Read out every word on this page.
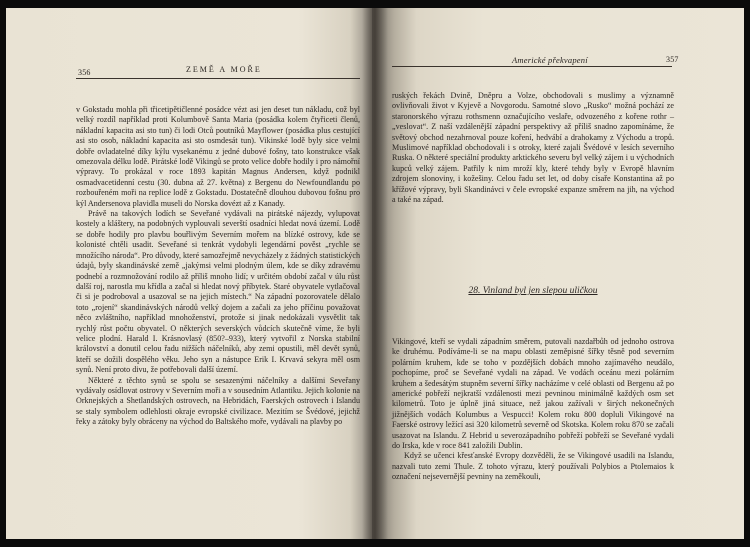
356	ZEMĚ A MOŘE

v Gokstadu mohla při třicetipětičlenné posádce vézt asi jen deset tun nákladu, což byl velký rozdíl například proti Kolumbově Santa Maria (posádka kolem čtyřiceti členů, nákladní kapacita asi sto tun) či lodi Otců poutníků Mayflower (posádka plus cestující asi sto osob, nákladní kapacita asi sto osmdesát tun). Vikinské lodě byly sice velmi dobře ovladatelné díky kýlu vysekanému z jedné dubové fošny, tato konstrukce však omezovala délku lodě. Pirátské lodě Vikingů se proto velice dobře hodily i pro námořní výpravy. To prokázal v roce 1893 kapitán Magnus Andersen, když podnikl osmadvacetidenní cestu (30. dubna až 27. května) z Bergenu do Newfoundlandu po rozbouřeném moři na replice lodě z Gokstadu. Dostatečně dlouhou dubovou fošnu pro kýl Andersenova plavidla museli do Norska dovézt až z Kanady.

Právě na takových lodích se Seveřané vydávali na pirátské nájezdy, vylupovat kostely a kláštery, na podobných vyplouvali severští osadníci hledat nová území. Lodě se dobře hodily pro plavbu bouřlivým Severním mořem na blízké ostrovy, kde se kolonisté chtěli usadit. Seveřané si tenkrát vydobyli legendární pověst „rychle se množícího národa“. Pro důvody, které samozřejmě nevycházely z žádných statistických údajů, byly skandinávské země „jakýmsi velmi plodným úlem, kde se díky zdravému podnebí a rozmnožování rodilo až příliš mnoho lidí; v určitém období začal v úlu růst další roj, narostla mu křídla a začal si hledat nový příbytek. Staré obyvatele vytlačoval či si je podroboval a usazoval se na jejich místech.“ Na západní pozorovatele dělalo toto „rojení“ skandinávských národů velký dojem a začali za jeho příčinu považovat něco zvláštního, například mnohoženství, protože si jinak nedokázali vysvětlit tak rychlý růst počtu obyvatel. O některých severských vůdcích skutečně víme, že byli velice plodní. Harald I. Krásnovlasý (850?–933), který vytvořil z Norska stabilní království a donutil celou řadu nižších náčelníků, aby zemi opustili, měl devět synů, kteří se dožili dospělého věku. Jeho syn a nástupce Erik I. Krvavá sekyra měl osm synů. Není proto divu, že potřebovali další území.

Některé z těchto synů se spolu se sesazenými náčelníky a dalšími Seveřany vydávaly osídlovat ostrovy v Severním moři a v sousedním Atlantiku. Jejich kolonie na Orknejských a Shetlandských ostrovech, na Hebridách, Faerských ostrovech i Islandu se staly symbolem odlehlosti okraje evropské civilizace. Mezitím se Švédové, jejichž řeky a zátoky byly obráceny na východ do Baltského moře, vydávali na plavby po

Americké překvapení	357

ruských řekách Dvině, Dněpru a Volze, obchodovali s muslimy a významně ovlivňovali život v Kyjevě a Novgorodu. Samotné slovo „Rusko“ možná pochází ze staronorského výrazu rothsmenn označujícího veslaře, odvozeného z kořene rothr – „veslovat“. Z naší vzdálenější západní perspektivy až příliš snadno zapomínáme, že světový obchod nezahrnoval pouze koření, hedvábí a drahokamy z Východu a tropů. Muslimové například obchodovali i s otroky, které zajali Švédové v lesích severního Ruska. O některé speciální produkty arktického severu byl velký zájem i u východních kupců velký zájem. Patřily k nim mroží kly, které tehdy byly v Evropě hlavním zdrojem slonoviny, i kožešiny. Celou řadu set let, od doby císaře Konstantina až po křížové výpravy, byli Skandinávci v čele evropské expanze směrem na jih, na východ a také na západ.

28. Vinland byl jen slepou uličkou

Vikingové, kteří se vydali západním směrem, putovali nazdařbůh od jednoho ostrova ke druhému. Podíváme-li se na mapu oblasti zeměpisné šířky těsně pod severním polárním kruhem, kde se toho v pozdějších dobách mnoho zajímavého neudálo, pochopíme, proč se Seveřané vydali na západ. Ve vodách oceánu mezi polárním kruhem a šedesátým stupněm severní šířky nacházíme v celé oblasti od Bergenu až po americké pobřeží nejkratší vzdálenosti mezi pevninou minimálně každých osm set kilometrů. Toto je úplně jiná situace, než jakou zažívali v širých nekonečných jižnějších vodách Kolumbus a Vespucci! Kolem roku 800 dopluli Vikingové na Faerské ostrovy ležící asi 320 kilometrů severně od Skotska. Kolem roku 870 se začali usazovat na Islandu. Z Hebrid u severozápadního pobřeží pobřeží se Seveřané vydali do Irska, kde v roce 841 založili Dublin.

Když se učenci křesťanské Evropy dozvěděli, že se Vikingové usadili na Islandu, nazvali tuto zemi Thule. Z tohoto výrazu, který používali Polybios a Ptolemaios k označení nejsevernější pevniny na zeměkouli,
